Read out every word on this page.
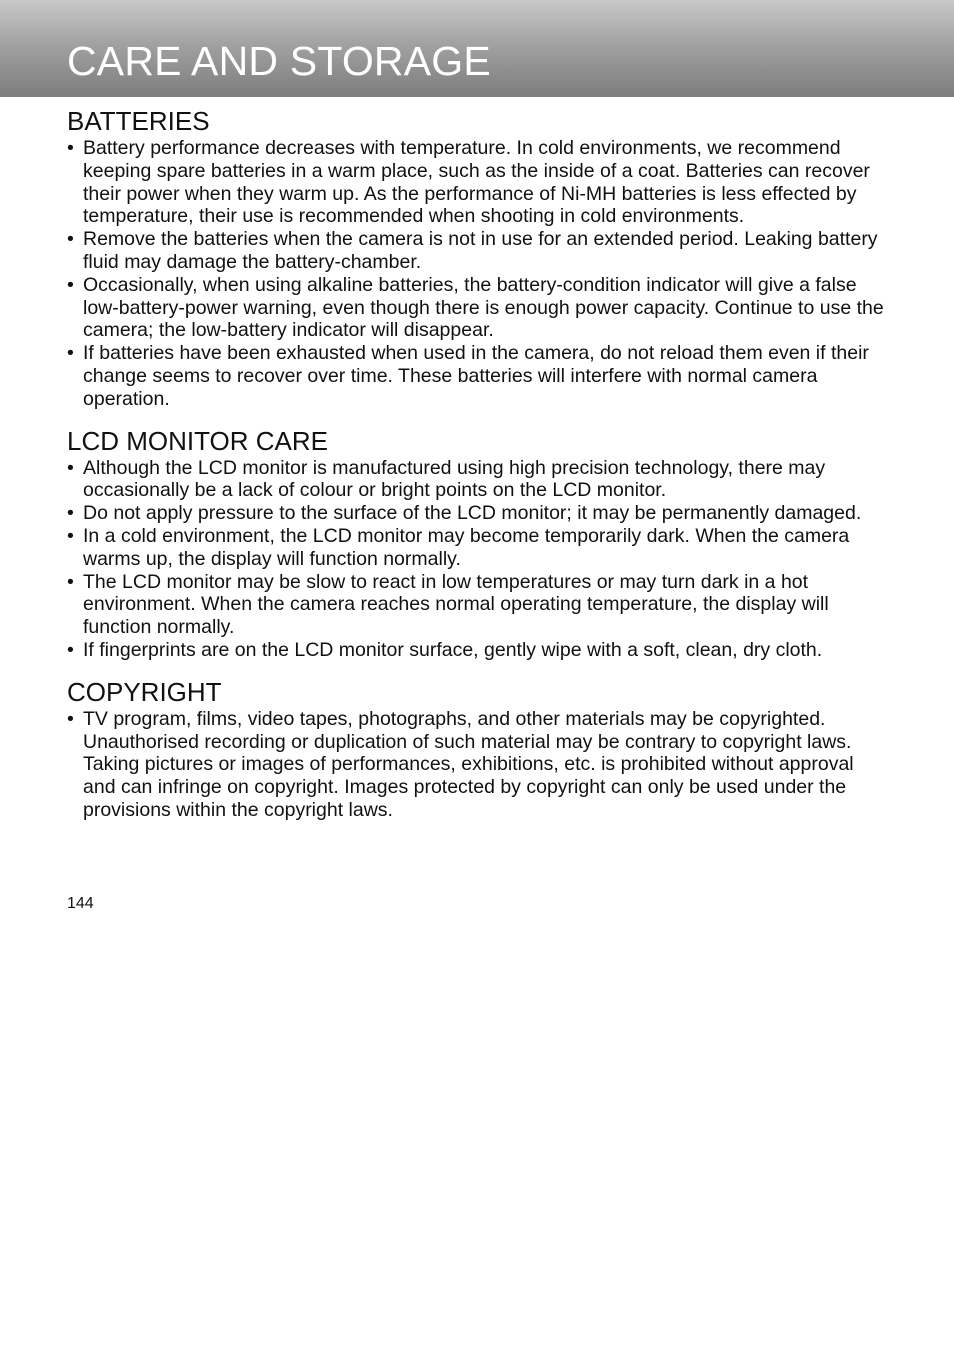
CARE AND STORAGE
BATTERIES
• Battery performance decreases with temperature. In cold environments, we recommend keeping spare batteries in a warm place, such as the inside of a coat. Batteries can recover their power when they warm up. As the performance of Ni-MH batteries is less effected by temperature, their use is recommended when shooting in cold environments.
• Remove the batteries when the camera is not in use for an extended period. Leaking battery fluid may damage the battery-chamber.
• Occasionally, when using alkaline batteries, the battery-condition indicator will give a false low-battery-power warning, even though there is enough power capacity. Continue to use the camera; the low-battery indicator will disappear.
• If batteries have been exhausted when used in the camera, do not reload them even if their change seems to recover over time. These batteries will interfere with normal camera operation.
LCD MONITOR CARE
• Although the LCD monitor is manufactured using high precision technology, there may occasionally be a lack of colour or bright points on the LCD monitor.
• Do not apply pressure to the surface of the LCD monitor; it may be permanently damaged.
• In a cold environment, the LCD monitor may become temporarily dark. When the camera warms up, the display will function normally.
• The LCD monitor may be slow to react in low temperatures or may turn dark in a hot environment. When the camera reaches normal operating temperature, the display will function normally.
• If fingerprints are on the LCD monitor surface, gently wipe with a soft, clean, dry cloth.
COPYRIGHT
• TV program, films, video tapes, photographs, and other materials may be copyrighted. Unauthorised recording or duplication of such material may be contrary to copyright laws. Taking pictures or images of performances, exhibitions, etc. is prohibited without approval and can infringe on copyright. Images protected by copyright can only be used under the provisions within the copyright laws.
144
